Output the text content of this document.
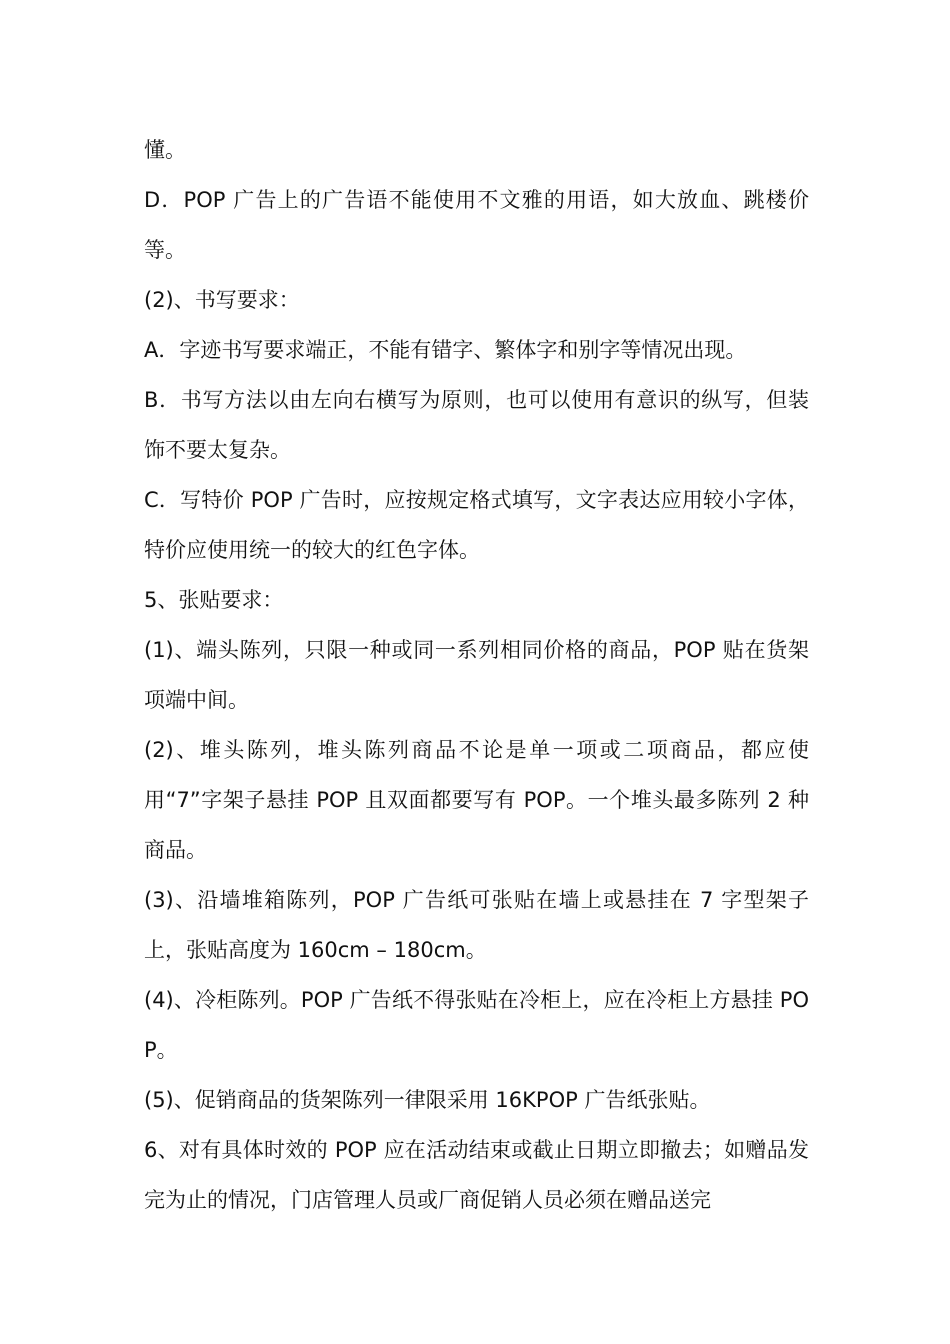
懂。

D．POP 广告上的广告语不能使用不文雅的用语，如大放血、跳楼价等。

(2)、书写要求：

A．字迹书写要求端正，不能有错字、繁体字和别字等情况出现。

B．书写方法以由左向右横写为原则，也可以使用有意识的纵写，但装饰不要太复杂。

C．写特价 POP 广告时，应按规定格式填写，文字表达应用较小字体，特价应使用统一的较大的红色字体。

5、张贴要求：

(1)、端头陈列，只限一种或同一系列相同价格的商品，POP 贴在货架项端中间。

(2)、堆头陈列，堆头陈列商品不论是单一项或二项商品，都应使用“7”字架子悬挂 POP 且双面都要写有 POP。一个堆头最多陈列 2 种商品。

(3)、沿墙堆箱陈列，POP 广告纸可张贴在墙上或悬挂在 7 字型架子上，张贴高度为 160cm – 180cm。

(4)、冷柜陈列。POP 广告纸不得张贴在冷柜上，应在冷柜上方悬挂 POP。

(5)、促销商品的货架陈列一律限采用 16KPOP 广告纸张贴。

6、对有具体时效的 POP 应在活动结束或截止日期立即撤去；如赠品发完为止的情况，门店管理人员或厂商促销人员必须在赠品送完
